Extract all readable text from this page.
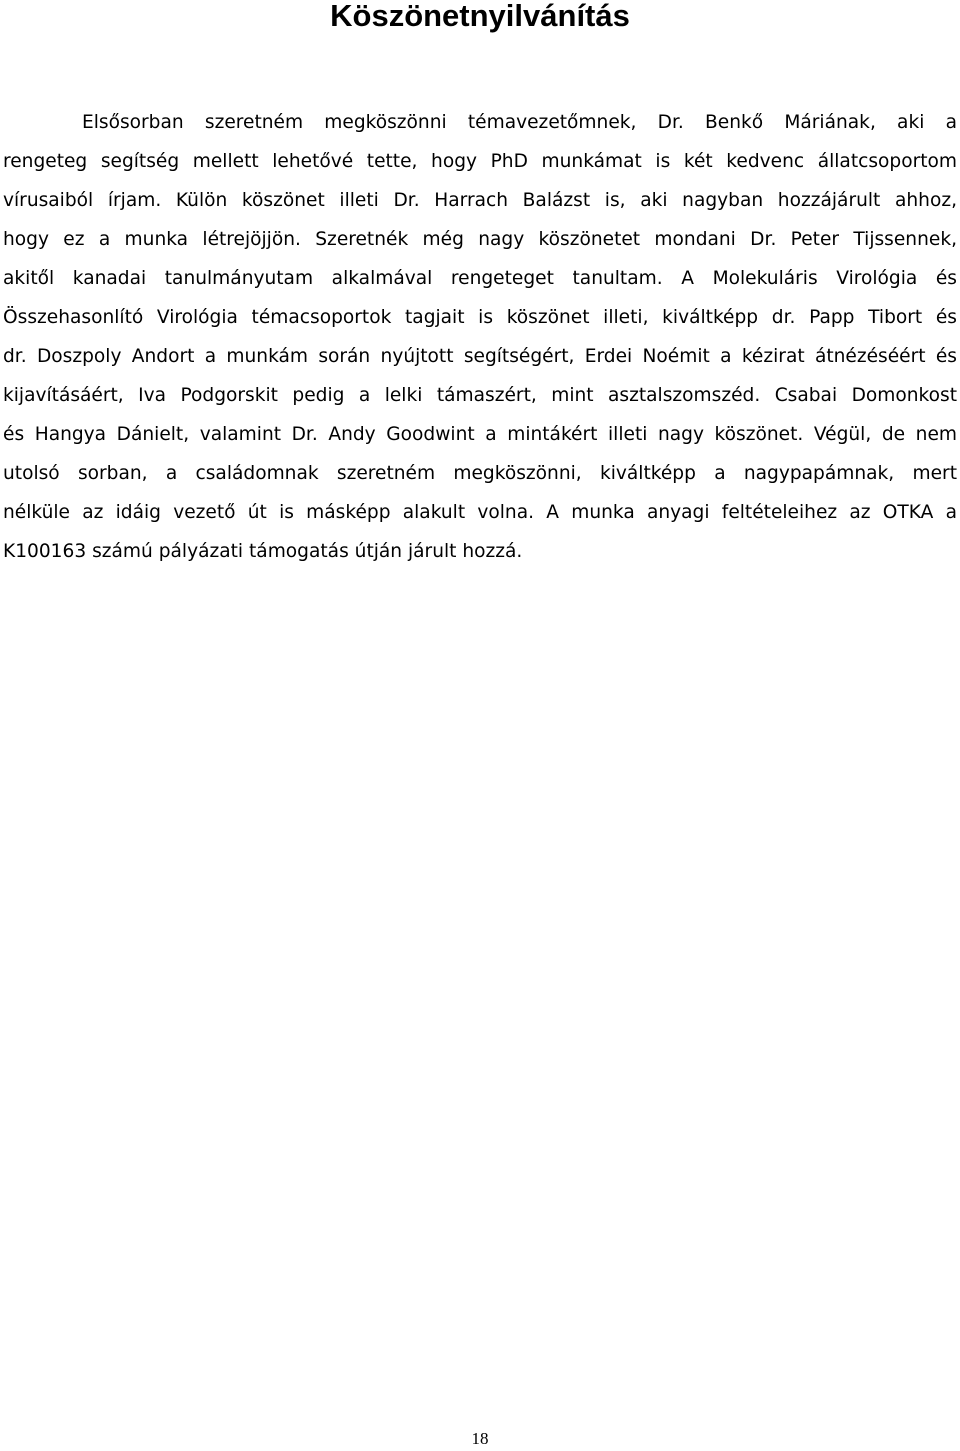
Köszönetnyilvánítás
Elsősorban szeretném megköszönni témavezetőmnek, Dr. Benkő Máriának, aki a
rengeteg segítség mellett lehetővé tette, hogy PhD munkámat is két kedvenc állatcsoportom
vírusaiból írjam. Külön köszönet illeti Dr. Harrach Balázst is, aki nagyban hozzájárult ahhoz,
hogy ez a munka létrejöjjön. Szeretnék még nagy köszönetet mondani Dr. Peter Tijssennek,
akitől kanadai tanulmányutam alkalmával rengeteget tanultam. A Molekuláris Virológia és
Összehasonlító Virológia témacsoportok tagjait is köszönet illeti, kiváltképp dr. Papp Tibort és
dr. Doszpoly Andort a munkám során nyújtott segítségért, Erdei Noémit a kézirat átnézéséért és
kijavításáért, Iva Podgorskit pedig a lelki támaszért, mint asztalszomszéd. Csabai Domonkost
és Hangya Dánielt, valamint Dr. Andy Goodwint a mintákért illeti nagy köszönet. Végül, de nem
utolsó sorban, a családomnak szeretném megköszönni, kiváltképp a nagypapámnak, mert
nélküle az idáig vezető út is másképp alakult volna. A munka anyagi feltételeihez az OTKA a
K100163 számú pályázati támogatás útján járult hozzá.
18
